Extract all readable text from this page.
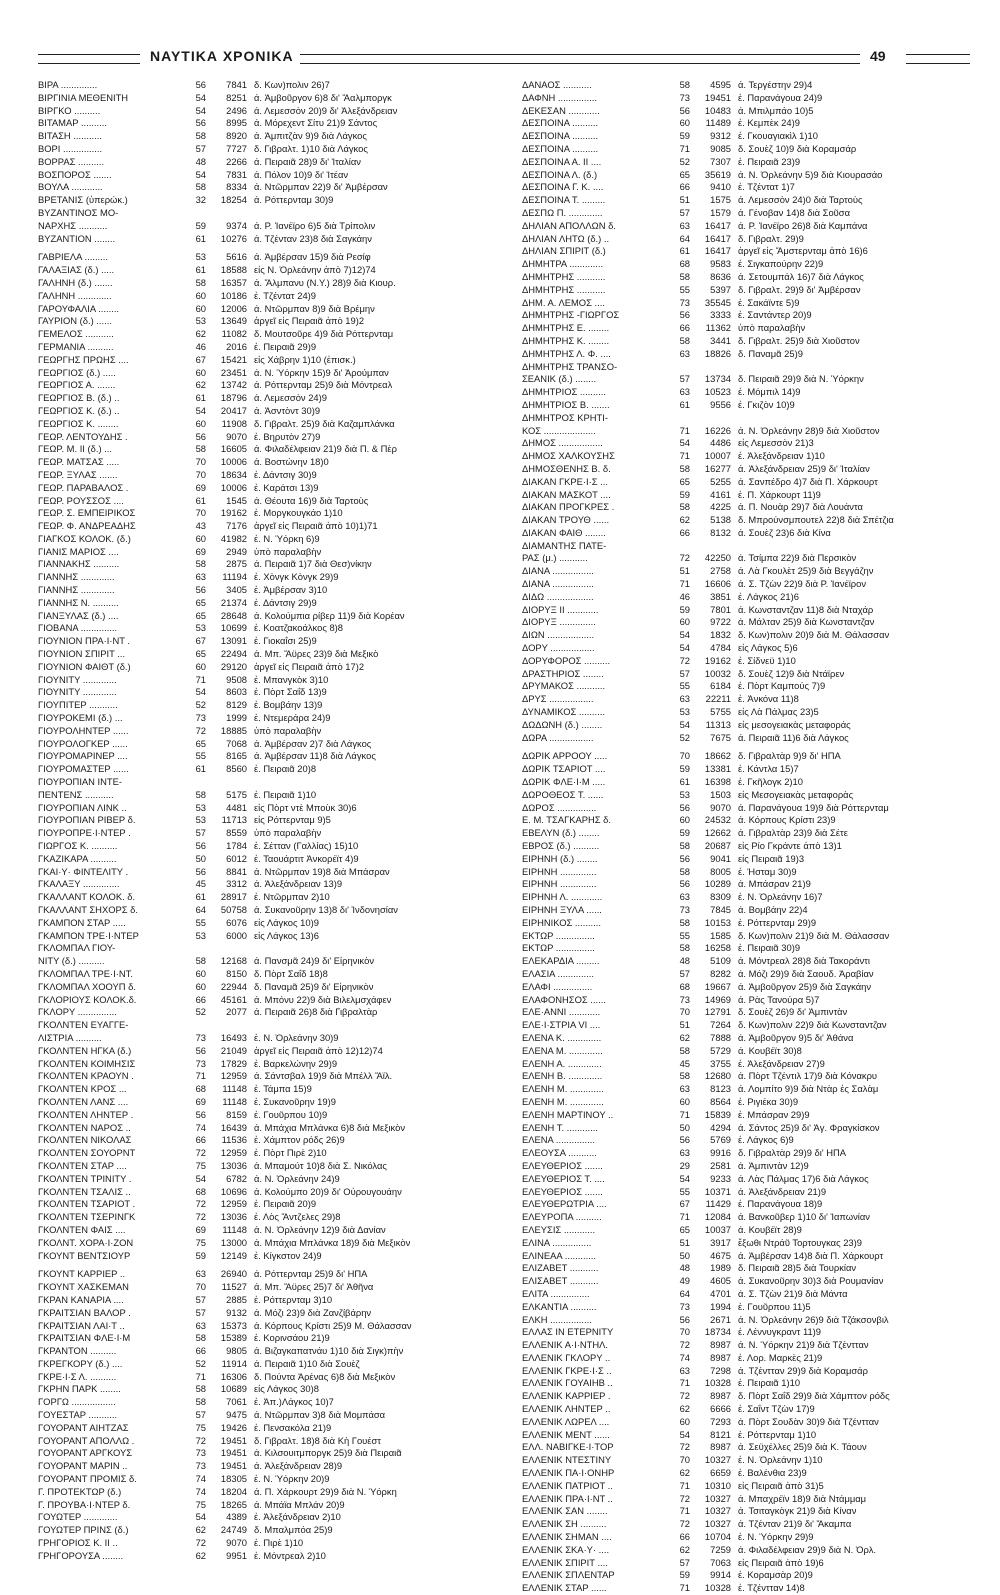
ΝΑΥΤΙΚΑ ΧΡΟΝΙΚΑ	49
ΒΙΡΑ ..............	56	7841 δ. Κων)πολιν 26)7
ΒΙΡΓΙΝΙΑ ΜΕΘΕΝΙΤΗ	54	8251 ά. Ἀμβοῦργον 6)8 δι' Ἄαλμποργκ
ΒΙΡΓΚΟ ..........	54	2496 ά. Λεμεσσὸν 20)9 δι' Ἀλεξάνδρειαν
ΒΙΤΑΜΑΡ ..........	56	8995 ά. Μόρεχεντ Σίτυ 21)9 Σάντος
ΒΙΤΑΣΗ ...........	58	8920 ά. Ἀμπιτζὰν 9)9 διὰ Λάγκος
ΒΟΡΙ ...............	57	7727 δ. Γιβραλτ. 1)10 διὰ Λάγκος
ΒΟΡΡΑΣ ..........	48	2266 ά. Πειραιᾶ 28)9 δι' Ἰταλίαν
ΒΟΣΠΟΡΟΣ .......	54	7831 ά. Πόλον 10)9 δι' Ἰτέαν
ΒΟΥΛΑ ............	58	8334 ά. Ντῶρμπαν 22)9 δι' Ἀμβέρσαν
ΒΡΕΤΑΝΙΣ (ὑπερώκ.)	32	18254 ά. Ρόττερνταμ 30)9
ΒΥΖΑΝΤΙΝΟΣ ΜΟ-
ΝΑΡΧΗΣ ...........	59	9374 ά. Ρ. Ἰανέϊρο 6)5 διὰ Τρίπολιν
ΒΥΖΑΝΤΙΟΝ ........	61	10276 ά. Τζένταν 23)8 διὰ Σαγκάην
ΓΑΒΡΙΕΛΑ .........	53	5616 ά. Ἀμβέρσαν 15)9 διὰ Ρεσίφ
ΓΑΛΑΞΙΑΣ (δ.) .....	61	18588 εἰς Ν. Ὀρλεάνην ἀπὸ 7)12)74
ΓΑΛΗΝΗ (δ.) .......	58	16357 ά. Ἄλμπανυ (Ν.Υ.) 28)9 διὰ Κιουρ.
ΓΑΛΗΝΗ .............	60	10186 ἐ. Τζέντατ 24)9
ΓΑΡΟΥΦΑΛΙΑ ........	60	12006 ά. Ντῶρμπαν 8)9 διὰ Βρέμην
ΓΑΥΡΙΟΝ (δ.) ......	53	13649 ἀργεῖ εἰς Πειραιᾶ ἀπὸ 19)2
ΓΕΜΕΛΟΣ ...........	62	11082 δ. Μουτσοῦρε 4)9 διὰ Ρόττερνταμ
ΓΕΡΜΑΝΙΑ ..........	46	2016 ἐ. Πειραιᾶ 29)9
ΓΕΩΡΓΗΣ ΠΡΩΗΣ ....	67	15421 εἰς Χάβρην 1)10 (ἐπισκ.)
ΓΕΩΡΓΙΟΣ (δ.) .....	60	23451 ά. Ν. Ὑόρκην 15)9 δι' Ἀρούμπαν
ΓΕΩΡΓΙΟΣ Α. .......	62	13742 ά. Ρόττερνταμ 25)9 διὰ Μόντρεαλ
ΓΕΩΡΓΙΟΣ Β. (δ.) ..	61	18796 ά. Λεμεσσὸν 24)9
ΓΕΩΡΓΙΟΣ Κ. (δ.) ..	54	20417 ά. Ἀσντὸντ 30)9
ΓΕΩΡΓΙΟΣ Κ. ........	60	11908 δ. Γιβραλτ. 25)9 διὰ Καζαμπλάνκα
ΓΕΩΡ. ΛΕΝΤΟΥΔΗΣ .	56	9070 ἐ. Βηρυτὸν 27)9
ΓΕΩΡ. Μ. ΙΙ (δ.) ...	58	16605 ά. Φιλαδέλφειαν 21)9 διὰ Π. & Πὲρ
ΓΕΩΡ. ΜΑΤΣΑΣ .....	70	10006 ά. Βοστώνην 18)0
ΓΕΩΡ. ΞΥΛΑΣ .......	70	18634 ἐ. Δάντσιγ 30)9
ΓΕΩΡ. ΠΑΡΑΒΑΛΟΣ .	69	10006 ἐ. Καράτσι 13)9
ΓΕΩΡ. ΡΟΥΣΣΟΣ ....	61	1545 ά. Θέουτα 16)9 διὰ Ταρτοὺς
ΓΕΩΡ. Σ. ΕΜΠΕΙΡΙΚΟΣ	70	19162 ἐ. Μοργκουγκάο 1)10
ΓΕΩΡ. Φ. ΑΝΔΡΕΑΔΗΣ	43	7176 ἀργεῖ εἰς Πειραιᾶ ἀπὸ 10)1)71
ΓΙΑΓΚΟΣ ΚΟΛΟΚ. (δ.)	60	41982 ἐ. Ν. Ὑόρκη 6)9
ΓΙΑΝΙΣ ΜΑΡΙΟΣ ....	69	2949 ὑπὸ παραλαβὴν
ΓΙΑΝΝΑΚΗΣ ..........	58	2875 ά. Πειραιᾶ 1)7 διὰ Θεσ)νίκην
ΓΙΑΝΝΗΣ .............	63	11194 ἐ. Χὸνγκ Κὸνγκ 29)9
ΓΙΑΝΝΗΣ .............	56	3405 ἐ. Ἀμβέρσαν 3)10
ΓΙΑΝΝΗΣ Ν. ..........	65	21374 ἐ. Δάντσιγ 29)9
ΓΙΑΝΞΥΛΑΣ (δ.) ....	65	28648 ά. Κολούμπια ρίβερ 11)9 διὰ Κορέαν
ΓΙΟΒΑΝΑ ..............	53	10699 ἐ. Κοατζακοάλκος 8)8
ΓΙΟΥΝΙΟΝ ΠΡΑ·Ι·ΝΤ .	67	13091 ἐ. Γιοκαΐσι 25)9
ΓΙΟΥΝΙΟΝ ΣΠΙΡΙΤ ...	65	22494 ά. Μπ. Ἄϋρες 23)9 διὰ Μεξικὸ
ΓΙΟΥΝΙΟΝ ΦΑΙΘΤ (δ.)	60	29120 ἀργεῖ εἰς Πειραιᾶ ἀπὸ 17)2
ΓΙΟΥΝΙΤΥ .............	71	9508 ἐ. Μπανγκὸκ 3)10
ΓΙΟΥΝΙΤΥ .............	54	8603 ἐ. Πὸρτ Σαΐδ 13)9
ΓΙΟΥΠΙΤΕΡ ...........	52	8129 ἐ. Βομβάην 13)9
ΓΙΟΥΡΟΚΕΜΙ (δ.) ...	73	1999 ἐ. Ντεμεράρα 24)9
ΓΙΟΥΡΟΛΗΝΤΕΡ ......	72	18885 ὑπὸ παραλαβὴν
ΓΙΟΥΡΟΛΟΓΚΕΡ ......	65	7068 ά. Ἀμβέρσαν 2)7 διὰ Λάγκος
ΓΙΟΥΡΟΜΑΡΙΝΕΡ ....	55	8165 ά. Ἀμβέρσαν 11)8 διὰ Λάγκος
ΓΙΟΥΡΟΜΑΣΤΕΡ ......	61	8560 ἐ. Πειραιᾶ 20)8
ΓΙΟΥΡΟΠΙΑΝ ΙΝΤΕ-
ΠΕΝΤΕΝΣ ...........	58	5175 ἐ. Πειραιᾶ 1)10
ΓΙΟΥΡΟΠΙΑΝ ΛΙΝΚ ..	53	4481 εἰς Πὸρτ ντὲ Μποὺκ 30)6
ΓΙΟΥΡΟΠΙΑΝ ΡΙΒΕΡ δ.	53	11713 εἰς Ρόττερνταμ 9)5
ΓΙΟΥΡΟΠΡΕ·Ι·ΝΤΕΡ .	57	8559 ὑπὸ παραλαβὴν
ΓΙΩΡΓΟΣ Κ. ..........	56	1784 ἐ. Σέτταν (Γαλλίας) 15)10
ΓΚΑΖΙΚΑΡΑ ..........	50	6012 ἐ. Ταουάρτιτ Ἀνκορέϊτ 4)9
ΓΚΑΙ·Υ· ΦΙΝΤΕΛΙΤΥ .	56	8841 ά. Ντῶρμπαν 19)8 διὰ Μπάσραν
ΓΚΑΛΑΞΥ ..............	45	3312 ά. Ἀλεξάνδρειαν 13)9
ΓΚΑΛΛΑΝΤ ΚΟΛΟΚ. δ.	61	28917 ἐ. Ντῶρμπαν 2)10
ΓΚΑΛΛΑΝΤ ΣΗΧΟΡΣ δ.	64	50758 ά. Συκανοῦρην 13)8 δι' Ἰνδονησίαν
ΓΚΑΜΠΟΝ ΣΤΑΡ .....	55	6076 εἰς Λάγκος 10)9
ΓΚΑΜΠΟΝ ΤΡΕ·Ι·ΝΤΕΡ	53	6000 εἰς Λάγκος 13)6
ΓΚΛΟΜΠΑΛ ΓΙΟΥ-
ΝΙΤΥ (δ.) ..........	58	12168 ά. Πανσμᾶ 24)9 δι' Εἰρηνικὸν
ΓΚΛΟΜΠΑΛ ΤΡΕ·Ι·ΝΤ.	60	8150 δ. Πὸρτ Σαΐδ 18)8
ΓΚΛΟΜΠΑΛ ΧΟΟΥΠ δ.	60	22944 δ. Παναμᾶ 25)9 δι' Εἰρηνικὸν
ΓΚΛΟΡΙΟΥΣ ΚΟΛΟΚ.δ.	66	45161 ά. Μπόνυ 22)9 διὰ Βιλελμσχάφεν
ΓΚΛΟΡΥ ...............	52	2077 ά. Πειραιᾶ 26)8 διὰ Γιβραλτὰρ
ΓΚΟΛΝΤΕΝ ΕΥΑΓΓΕ-
ΛΙΣΤΡΙΑ ..........	73	16493 ἐ. Ν. Ὀρλεάνην 30)9
ΓΚΟΛΝΤΕΝ ΗΓΚΑ (δ.)	56	21049 ἀργεῖ εἰς Πειραιᾶ ἀπὸ 12)12)74
ΓΚΟΛΝΤΕΝ ΚΟΙΜΗΣΙΣ	73	17829 ἐ. Βαρκελώνην 29)9
ΓΚΟΛΝΤΕΝ ΚΡΑΟΥΝ .	71	12959 ά. Σάντσβαλ 19)9 διὰ Μπέλλ Ἄϊλ.
ΓΚΟΛΝΤΕΝ ΚΡΟΣ ...	68	11148 ἐ. Τάμπα 15)9
ΓΚΟΛΝΤΕΝ ΛΑΝΣ ....	69	11148 ἐ. Συκανοῦρην 19)9
ΓΚΟΛΝΤΕΝ ΛΗΝΤΕΡ .	56	8159 ἐ. Γουῦρπου 10)9
ΓΚΟΛΝΤΕΝ ΝΑΡΟΣ ..	74	16439 ά. Μπάχια Μπλάνκα 6)8 διὰ Μεξικὸν
ΓΚΟΛΝΤΕΝ ΝΙΚΟΛΑΣ	66	11536 ἐ. Χάμπτον ρόδς 26)9
ΓΚΟΛΝΤΕΝ ΣΟΥΟΡΝΤ	72	12959 ἐ. Πὸρτ Πιρὲ 2)10
ΓΚΟΛΝΤΕΝ ΣΤΑΡ ....	75	13036 ά. Μπαμούτ 10)8 διὰ Σ. Νικόλας
ΓΚΟΛΝΤΕΝ ΤΡΙΝΙΤΥ .	54	6782 ά. Ν. Ὀρλεάνην 24)9
ΓΚΟΛΝΤΕΝ ΤΣΑΛΙΣ ..	68	10696 ά. Κολούμπο 20)9 δι' Οὐρουγουάην
ΓΚΟΛΝΤΕΝ ΤΣΑΡΙΟΤ .	72	12959 ἐ. Πειραιᾶ 20)9
ΓΚΟΛΝΤΕΝ ΤΣΕΡΙΝΓΚ	72	13036 ἐ. Λὸς Ἄντζελες 29)8
ΓΚΟΛΝΤΕΝ ΦΑΙΣ ....	69	11148 ά. Ν. Ὀρλεάνην 12)9 διὰ Δανίαν
ΓΚΟΛΝΤ. ΧΟΡΑ·Ι·ΖΟΝ	75	13000 ά. Μπάχια Μπλάνκα 18)9 διὰ Μεξικὸν
ΓΚΟΥΝΤ ΒΕΝΤΣΙΟΥΡ	59	12149 ἐ. Κίγκστον 24)9
ΓΚΟΥΝΤ ΚΑΡΡΙΕΡ ..	63	26940 ά. Ρόττερνταμ 25)9 δι' ΗΠΑ
ΓΚΟΥΝΤ ΧΑΣΚΕΜΑΝ	70	11527 ά. Μπ. Ἄϋρες 25)7 δι' Ἀθῆνα
ΓΚΡΑΝ ΚΑΝΑΡΙΑ ....	57	2885 ἐ. Ρόττερνταμ 3)10
ΓΚΡΑΙΤΣΙΑΝ ΒΑΛΟΡ .	57	9132 ά. Μόζι 23)9 διὰ Ζανζίβάρην
ΓΚΡΑΙΤΣΙΑΝ ΛΑΙ·Τ ..	63	15373 ά. Κόρπους Κρίστι 25)9 Μ. Θάλασσαν
ΓΚΡΑΙΤΣΙΑΝ ΦΛΕ·Ι·Μ	58	15389 ἐ. Κορινσάου 21)9
ΓΚΡΑΝΤΟΝ ..........	66	9805 ά. Βιζαγκαπατνάυ 1)10 διὰ Σιγκ)πὴν
ΓΚΡΕΓΚΟΡΥ (δ.) ....	52	11914 ά. Πειραιᾶ 1)10 διὰ Σουὲζ
ΓΚΡΕ·Ι·Σ Λ. ..........	71	16306 δ. Πούντα Ἀρένας 6)8 διὰ Μεξικὸν
ΓΚΡΗΝ ΠΑΡΚ ........	58	10689 εἰς Λάγκος 30)8
ΓΟΡΓΩ .................	58	7061 ἐ. Ἀπ.)Λάγκος 10)7
ΓΟΥΕΣΤΑΡ ...........	57	9475 ά. Ντῶρμπαν 3)8 διὰ Μομπάσα
ΓΟΥΟΡΑΝΤ ΑΙΗΤΖΑΣ	75	19426 ἐ. Πενσακόλα 21)9
ΓΟΥΟΡΑΝΤ ΑΠΟΛΛΩ .	72	19451 δ. Γιβραλτ. 18)8 διὰ Κὴ Γουέστ
ΓΟΥΟΡΑΝΤ ΑΡΓΚΟΥΣ	73	19451 ά. Κιλσουιτμποργκ 25)9 διὰ Πειραιᾶ
ΓΟΥΟΡΑΝΤ ΜΑΡΙΝ ..	73	19451 ά. Ἀλεξάνδρειαν 28)9
ΓΟΥΟΡΑΝΤ ΠΡΟΜΙΣ δ.	74	18305 ἐ. Ν. Ὑόρκην 20)9
Γ. ΠΡΟΤΕΚΤΩΡ (δ.)	74	18204 ά. Π. Χάρκουρτ 29)9 διὰ Ν. Ὑόρκη
Γ. ΠΡΟΥΒΑ·Ι·ΝΤΕΡ δ.	75	18265 ά. Μπάϊα Μπλάν 20)9
ΓΟΥΩΤΕΡ .............	54	4389 ἐ. Ἀλεξάνδρειαν 2)10
ΓΟΥΩΤΕΡ ΠΡΙΝΣ (δ.)	62	24749 δ. Μπαλμπόα 25)9
ΓΡΗΓΟΡΙΟΣ Κ. ΙΙ ..	72	9070 ἐ. Πιρὲ 1)10
ΓΡΗΓΟΡΟΥΣΑ ........	62	9951 ἐ. Μόντρεαλ 2)10
ΔΑΝΑΟΣ ...........	58	4595 ά. Τεργέστην 29)4
ΔΑΦΝΗ ...............	73	19451 ἐ. Παρανάγουα 24)9
ΔΕΚΕΣΑΝ ............	56	10483 ά. Μπιλμπάο 10)5
ΔΕΣΠΟΙΝΑ ..........	60	11489 ἐ. Κεμπὲκ 24)9
ΔΕΣΠΟΙΝΑ ..........	59	9312 ἐ. Γκουαγιακὶλ 1)10
ΔΕΣΠΟΙΝΑ ..........	71	9085 δ. Σουὲζ 10)9 διὰ Κοραμσάρ
ΔΕΣΠΟΙΝΑ Α. ΙΙ ....	52	7307 ἐ. Πειραιᾶ 23)9
ΔΕΣΠΟΙΝΑ Λ. (δ.)	65	35619 ά. Ν. Ὀρλεάνην 5)9 διὰ Κιουρασάο
ΔΕΣΠΟΙΝΑ Γ. Κ. ....	66	9410 ἐ. Τζέντατ 1)7
ΔΕΣΠΟΙΝΑ Τ. .........	51	1575 ά. Λεμεσσὸν 24)0 διὰ Ταρτοὺς
ΔΕΣΠΩ Π. .............	57	1579 ά. Γένοβαν 14)8 διὰ Σοῦσα
ΔΗΛΙΑΝ ΑΠΟΛΛΩΝ δ.	63	16417 ά. Ρ. Ἰανέϊρο 26)8 διὰ Καμπάνα
ΔΗΛΙΑΝ ΛΗΤΩ (δ.) ..	64	16417 δ. Γιβραλτ. 29)9
ΔΗΛΙΑΝ ΣΠΙΡΙΤ (δ.)	61	16417 ἀργεῖ εἰς Ἄμστερνταμ ἀπὸ 16)6
ΔΗΜΗΤΡΑ .............	68	9583 ἐ. Σιγκαπούρην 22)9
ΔΗΜΗΤΡΗΣ ...........	58	8636 ά. Σετουμπάλ 16)7 διὰ Λάγκος
ΔΗΜΗΤΡΗΣ ...........	55	5397 δ. Γιβραλτ. 29)9 δι' Ἀμβέρσαν
ΔΗΜ. Α. ΛΕΜΟΣ ....	73	35545 ἐ. Σακάϊντε 5)9
ΔΗΜΗΤΡΗΣ -ΓΙΩΡΓΟΣ	56	3333 ἐ. Σαντάντερ 20)9
ΔΗΜΗΤΡΗΣ Ε. ........	66	11362 ὑπὸ παραλαβὴν
ΔΗΜΗΤΡΗΣ Κ. ........	58	3441 δ. Γιβραλτ. 25)9 διὰ Χιοῦστον
ΔΗΜΗΤΡΗΣ Λ. Φ. ....	63	18826 δ. Παναμᾶ 25)9
ΔΗΜΗΤΡΗΣ ΤΡΑΝΣΟ-
ΣΕΑΝΙΚ (δ.) ........	57	13734 δ. Πειραιᾶ 29)9 διὰ Ν. Ὑόρκην
ΔΗΜΗΤΡΙΟΣ ..........	63	10523 ἐ. Μόμπιλ 14)9
ΔΗΜΗΤΡΙΟΣ Β. .......	61	9556 ἐ. Γκιζὸν 10)9
ΔΗΜΗΤΡΟΣ ΚΡΗΤΙ-
ΚΟΣ ....................	71	16226 ά. Ν. Ὀρλεάνην 28)9 διὰ Χιοῦστον
ΔΗΜΟΣ .................	54	4486 εἰς Λεμεσσὸν 21)3
ΔΗΜΟΣ ΧΑΛΚΟΥΣΗΣ	71	10007 ἐ. Ἀλεξάνδρειαν 1)10
ΔΗΜΟΣΘΕΝΗΣ Β. δ.	58	16277 ά. Ἀλεξάνδρειαν 25)9 δι' Ἰταλίαν
ΔΙΑΚΑΝ ΓΚΡΕ·Ι·Σ ...	65	5255 ά. Σανπέδρο 4)7 διὰ Π. Χάρκουρτ
ΔΙΑΚΑΝ ΜΑΣΚΟΤ ....	59	4161 ἐ. Π. Χάρκουρτ 11)9
ΔΙΑΚΑΝ ΠΡΟΓΚΡΕΣ .	58	4225 ά. Π. Νουὰρ 29)7 διὰ Λουάντα
ΔΙΑΚΑΝ ΤΡΟΥΘ ......	62	5138 δ. Μπρούνσμπουτελ 22)8 διὰ Σπέτζια
ΔΙΑΚΑΝ ΦΑΙΘ ........	66	8132 ά. Σουὲζ 23)6 διὰ Κίνα
ΔΙΑΜΑΝΤΗΣ ΠΑΤΕ-
ΡΑΣ (μ.) ...........	72	42250 ά. Τσίμπα 22)9 διὰ Περσικὸν
ΔΙΑΝΑ ................	51	2758 ά. Λὰ Γκουλὲτ 25)9 διὰ Βεγγάζην
ΔΙΑΝΑ ................	71	16606 ά. Σ. Τζὼν 22)9 διὰ Ρ. Ἰανέϊρον
ΔΙΔΩ ..................	46	3851 ἐ. Λάγκος 21)6
ΔΙΟΡΥΞ ΙΙ ............	59	7801 ά. Κωνσταντζαν 11)8 διὰ Νταχάρ
ΔΙΟΡΥΞ ..............	60	9722 ά. Μάλταν 25)9 διὰ Κωνσταντζαν
ΔΙΩΝ ..................	54	1832 δ. Κων)πολιν 20)9 διὰ Μ. Θάλασσαν
ΔΟΡΥ .................	54	4784 εἰς Λάγκος 5)6
ΔΟΡΥΦΟΡΟΣ ..........	72	19162 ἐ. Σίδνεϋ 1)10
ΔΡΑΣΤΗΡΙΟΣ ........	57	10032 δ. Σουὲζ 12)9 διὰ Ντάϊρεν
ΔΡΥΜΑΚΟΣ ...........	55	6184 ἐ. Πὸρτ Καμπούς 7)9
ΔΡΥΣ .................	63	22211 ἐ. Ἀνκόνα 11)8
ΔΥΝΑΜΙΚΟΣ ..........	53	5755 εἰς Λὰ Πάλμας 23)5
ΔΩΔΩΝΗ (δ.) ........	54	11313 εἰς μεσογειακὰς μεταφοράς
ΔΩΡΑ .................	52	7675 ά. Πειραιᾶ 11)6 διὰ Λάγκος
ΔΩΡΙΚ ΑΡΡΟΟΥ .....	70	18662 δ. Γιβραλτὰρ 9)9 δι' ΗΠΑ
ΔΩΡΙΚ ΤΣΑΡΙΟΤ ....	59	13381 ἐ. Κάντλα 15)7
ΔΩΡΙΚ ΦΛΕ·Ι·Μ .....	61	16398 ἐ. Γκῆλογκ 2)10
ΔΩΡΟΘΕΟΣ Τ. ......	53	1503 εἰς Μεσογειακὰς μεταφορὰς
ΔΩΡΟΣ ...............	56	9070 ά. Παρανάγουα 19)9 διὰ Ρόττερνταμ
Ε. Μ. ΤΣΑΓΚΑΡΗΣ δ.	60	24532 ά. Κόρπους Κρίστι 23)9
ΕΒΕΛΥΝ (δ.) ........	59	12662 ά. Γιβραλτὰρ 23)9 διὰ Σέτε
ΕΒΡΟΣ (δ.) ..........	58	20687 εἰς Ρίο Γκράντε ἀπὸ 13)1
ΕΙΡΗΝΗ (δ.) ........	56	9041 εἰς Πειραιᾶ 19)3
ΕΙΡΗΝΗ ..............	58	8005 ἐ. Ἡσταμ 30)9
ΕΙΡΗΝΗ ..............	56	10289 ά. Μπάσραν 21)9
ΕΙΡΗΝΗ Λ. ............	63	8309 ἐ. Ν. Ὀρλεάνην 16)7
ΕΙΡΗΝΗ ΞΥΛΑ ......	73	7845 ά. Βομβάην 22)4
ΕΙΡΗΝΙΚΟΣ ..........	58	10153 ἐ. Ρόττερνταμ 29)9
ΕΚΤΩΡ ...............	55	1585 δ. Κων)πολιν 21)9 διὰ Μ. Θάλασσαν
ΕΚΤΩΡ ...............	58	16258 ἐ. Πειραιᾶ 30)9
ΕΛΕΚΑΡΔΙΑ .........	48	5109 ά. Μόντρεαλ 28)8 διὰ Τακοράντι
ΕΛΑΣΙΑ ..............	57	8282 ά. Μόζι 29)9 διὰ Σαουδ. Ἀραβίαν
ΕΛΑΦΙ ...............	68	19667 ά. Ἀμβοῦργον 25)9 διὰ Σαγκάην
ΕΛΑΦΟΝΗΣΟΣ ......	73	14969 ά. Ρὰς Τανούρα 5)7
ΕΛΕ·ΑΝΝΙ ............	70	12791 δ. Σουὲζ 26)9 δι' Ἀμπιντὰν
ΕΛΕ·Ι·ΣΤΡΙΑ VI ....	51	7264 δ. Κων)πολιν 22)9 διὰ Κωνσταντζαν
ΕΛΕΝΑ Κ. .............	62	7888 ά. Ἀμβοῦργον 9)5 δι' Ἀθάνα
ΕΛΕΝΑ Μ. .............	58	5729 ά. Κουβέϊτ 30)8
ΕΛΕΝΗ Α. .............	45	3755 ἐ. Ἀλεξάνδρειαν 27)9
ΕΛΕΝΗ Β. .............	58	12680 ά. Πὸρτ Τζέντιλ 17)9 διὰ Κόνακρυ
ΕΛΕΝΗ Μ. .............	63	8123 ά. Λομπίτο 9)9 διὰ Ντὰρ ἐς Σαλὰμ
ΕΛΕΝΗ Μ. .............	60	8564 ἐ. Ριγιέκα 30)9
ΕΛΕΝΗ ΜΑΡΤΙΝΟΥ ..	71	15839 ἐ. Μπάσραν 29)9
ΕΛΕΝΗ Τ. ............	50	4294 ά. Σάντος 25)9 δι' Ἀγ. Φραγκίσκον
ΕΛΕΝΑ ...............	56	5769 ἐ. Λάγκος 6)9
ΕΛΕΟΥΣΑ ...........	63	9916 δ. Γιβραλτὰρ 29)9 δι' ΗΠΑ
ΕΛΕΥΘΕΡΙΟΣ .......	29	2581 ά. Ἀμπιντὰν 12)9
ΕΛΕΥΘΕΡΙΟΣ Τ. ....	54	9233 ά. Λὰς Πάλμας 17)6 διὰ Λάγκος
ΕΛΕΥΘΕΡΙΟΣ .......	55	10371 ά. Ἀλεξάνδρειαν 21)9
ΕΛΕΥΘΕΡΩΤΡΙΑ ....	67	11429 ἐ. Παρανάγουα 18)9
ΕΛΕΥΡΟΠΑ ..........	71	12084 ά. Βανκοῦβερ 1)10 δι' Ἰαπωνίαν
ΕΛΕΥΣΙΣ ............	65	10037 ά. Κουβέϊτ 28)9
ΕΛΙΝΑ ...............	51	3917 ἔξωθι Ντράῦ Τορτουγκας 23)9
ΕΛΙΝΕΑΑ ............	50	4675 ά. Ἀμβέρσαν 14)8 διὰ Π. Χάρκουρτ
ΕΛΙΖΑΒΕΤ ...........	48	1989 δ. Πειραιᾶ 28)5 διὰ Τουρκίαν
ΕΛΙΣΑΒΕΤ ...........	49	4605 ά. Συκανοῦρην 30)3 διὰ Ρουμανίαν
ΕΛΙΤΑ ...............	64	4701 ά. Σ. Τζὼν 21)9 διὰ Μάντα
ΕΛΚΑΝΤΙΑ ..........	73	1994 ἐ. Γουῦρπου 11)5
ΕΛΚΗ ................	56	2671 ά. Ν. Ὀρλεάνην 26)9 διὰ Τζάκσονβιλ
ΕΛΛΑΣ ΙΝ ΕΤΕΡΝΙΤΥ	70	18734 ἐ. Λέννυγκραντ 11)9
ΕΛΛΕΝΙΚ Α·Ι·ΝΤΗΛ.	72	8987 ά. Ν. Ὑόρκην 21)9 διὰ Τζέντταν
ΕΛΛΕΝΙΚ ΓΚΛΟΡΥ ..	74	8987 ἐ. Λορ. Μαρκὲς 21)9
ΕΛΛΕΝΙΚ ΓΚΡΕ·Ι·Σ ..	63	7298 ά. Τζέντταν 29)9 διὰ Κοραμσάρ
ΕΛΛΕΝΙΚ ΓΟΥΑΙΗΒ ..	71	10328 ἐ. Πειραιᾶ 1)10
ΕΛΛΕΝΙΚ ΚΑΡΡΙΕΡ .	72	8987 δ. Πὸρτ Σαΐδ 29)9 διὰ Χάμπτον ρόδς
ΕΛΛΕΝΙΚ ΛΗΝΤΕΡ ..	62	6666 ἐ. Σαΐντ Τζὼν 17)9
ΕΛΛΕΝΙΚ ΛΩΡΕΛ ....	60	7293 ά. Πὸρτ Σουδὰν 30)9 διὰ Τζέντταν
ΕΛΛΕΝΙΚ ΜΕΝΤ ......	54	8121 ἐ. Ρόττερνταμ 1)10
ΕΛΛ. ΝΑΒΙΓΚΕ·Ι·ΤΟΡ	72	8987 ά. Σεϋχέλλες 25)9 διὰ Κ. Τάουν
ΕΛΛΕΝΙΚ ΝΤΕΣΤΙΝΥ	70	10327 ἐ. Ν. Ὀρλεάνην 1)10
ΕΛΛΕΝΙΚ ΠΑ·Ι·ΟΝΗΡ	62	6659 ἐ. Βαλένθια 23)9
ΕΛΛΕΝΙΚ ΠΑΤΡΙΟΤ ..	71	10310 εἰς Πειραιᾶ ἀπὸ 31)5
ΕΛΛΕΝΙΚ ΠΡΑ·Ι·ΝΤ ..	72	10327 ά. Μπαχρέϊν 18)9 διὰ Ντάμμαμ
ΕΛΛΕΝΙΚ ΣΑΝ ........	71	10327 ά. Τσιταγκὸγκ 21)9 διὰ Κίναν
ΕΛΛΕΝΙΚ ΣΗ ..........	72	10327 ά. Τζένταν 21)9 δι' Ἄκαμπα
ΕΛΛΕΝΙΚ ΣΗΜΑΝ ....	66	10704 ἐ. Ν. Ὑόρκην 29)9
ΕΛΛΕΝΙΚ ΣΚΑ·Υ· ....	62	7259 ά. Φιλαδέλφειαν 29)9 διὰ Ν. Ὀρλ.
ΕΛΛΕΝΙΚ ΣΠΙΡΙΤ ....	57	7063 εἰς Πειραιᾶ ἀπὸ 19)6
ΕΛΛΕΝΙΚ ΣΠΛΕΝΤΑΡ	59	9914 ἐ. Κοραμσὰρ 20)9
ΕΛΛΕΝΙΚ ΣΤΑΡ ......	71	10328 ἐ. Τζέντταν 14)8
